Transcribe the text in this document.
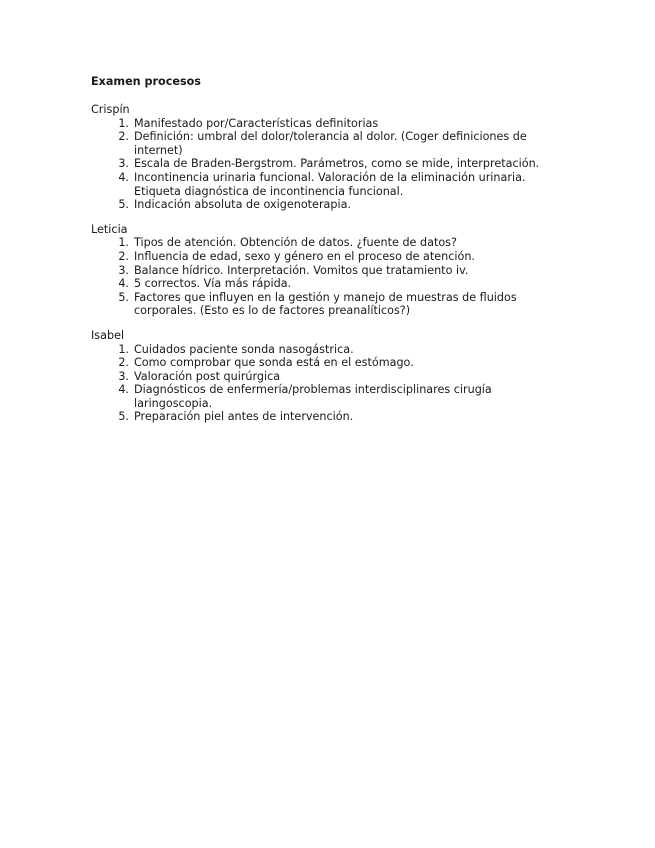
Examen procesos
Crispín
1. Manifestado por/Características definitorias
2. Definición: umbral del dolor/tolerancia al dolor. (Coger definiciones de internet)
3. Escala de Braden-Bergstrom. Parámetros, como se mide, interpretación.
4. Incontinencia urinaria funcional. Valoración de la eliminación urinaria. Etiqueta diagnóstica de incontinencia funcional.
5. Indicación absoluta de oxigenoterapia.
Leticia
1. Tipos de atención. Obtención de datos. ¿fuente de datos?
2. Influencia de edad, sexo y género en el proceso de atención.
3. Balance hídrico. Interpretación. Vomitos que tratamiento iv.
4. 5 correctos. Vía más rápida.
5. Factores que influyen en la gestión y manejo de muestras de fluidos corporales. (Esto es lo de factores preanalíticos?)
Isabel
1. Cuidados paciente sonda nasogástrica.
2. Como comprobar que sonda está en el estómago.
3. Valoración post quirúrgica
4. Diagnósticos de enfermería/problemas interdisciplinares cirugía laringoscopia.
5. Preparación piel antes de intervención.
